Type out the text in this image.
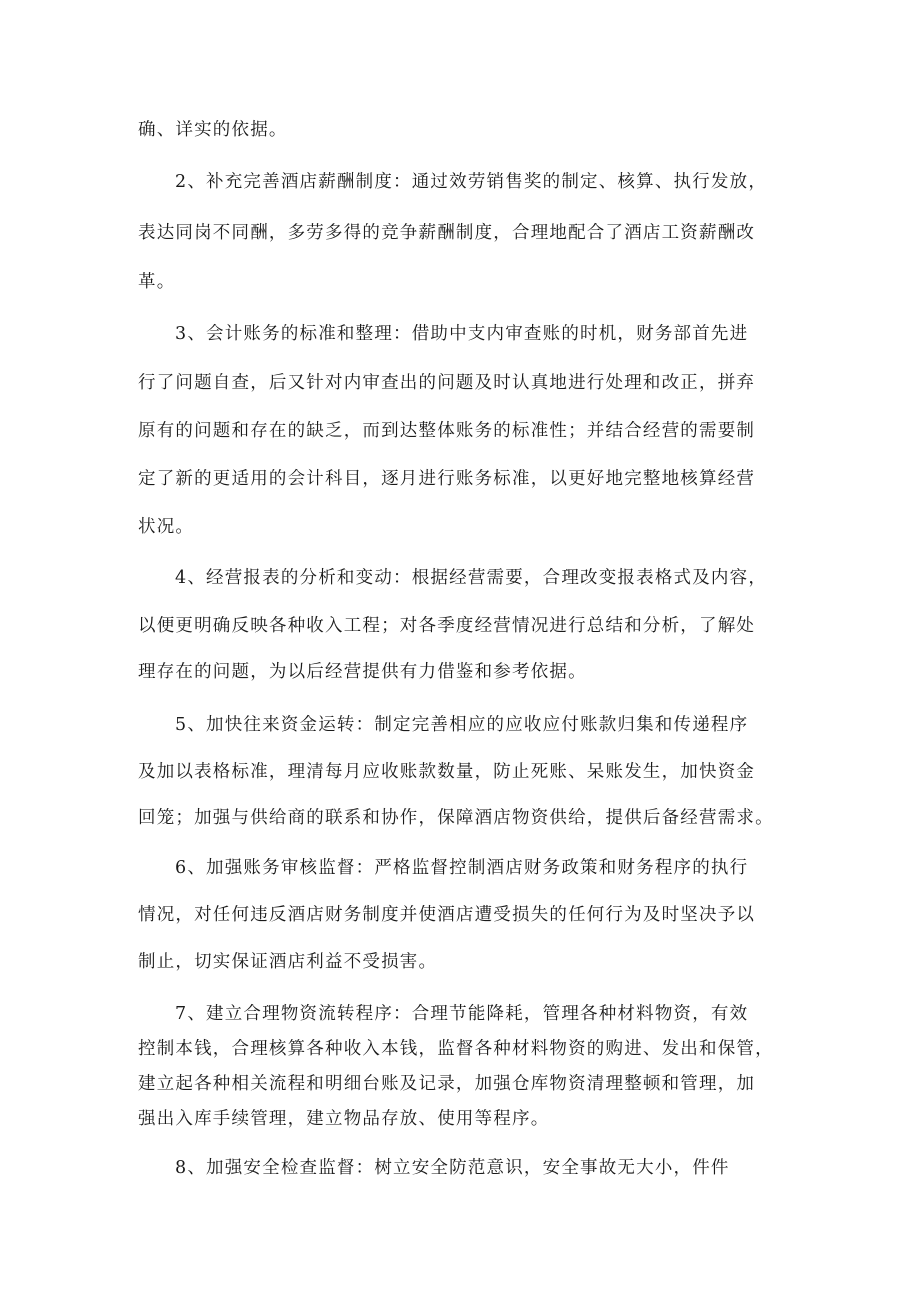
确、详实的依据。

2、补充完善酒店薪酬制度：通过效劳销售奖的制定、核算、执行发放，

表达同岗不同酬，多劳多得的竞争薪酬制度，合理地配合了酒店工资薪酬改

革。

3、会计账务的标准和整理：借助中支内审查账的时机，财务部首先进

行了问题自查，后又针对内审查出的问题及时认真地进行处理和改正，拼弃

原有的问题和存在的缺乏，而到达整体账务的标准性；并结合经营的需要制

定了新的更适用的会计科目，逐月进行账务标准，以更好地完整地核算经营

状况。

4、经营报表的分析和变动：根据经营需要，合理改变报表格式及内容，

以便更明确反映各种收入工程；对各季度经营情况进行总结和分析，了解处

理存在的问题，为以后经营提供有力借鉴和参考依据。

5、加快往来资金运转：制定完善相应的应收应付账款归集和传递程序

及加以表格标准，理清每月应收账款数量，防止死账、呆账发生，加快资金

回笼；加强与供给商的联系和协作，保障酒店物资供给，提供后备经营需求。

6、加强账务审核监督：严格监督控制酒店财务政策和财务程序的执行

情况，对任何违反酒店财务制度并使酒店遭受损失的任何行为及时坚决予以

制止，切实保证酒店利益不受损害。

7、建立合理物资流转程序：合理节能降耗，管理各种材料物资，有效

控制本钱，合理核算各种收入本钱，监督各种材料物资的购进、发出和保管，

建立起各种相关流程和明细台账及记录，加强仓库物资清理整顿和管理，加

强出入库手续管理，建立物品存放、使用等程序。

8、加强安全检查监督：树立安全防范意识，安全事故无大小，件件
